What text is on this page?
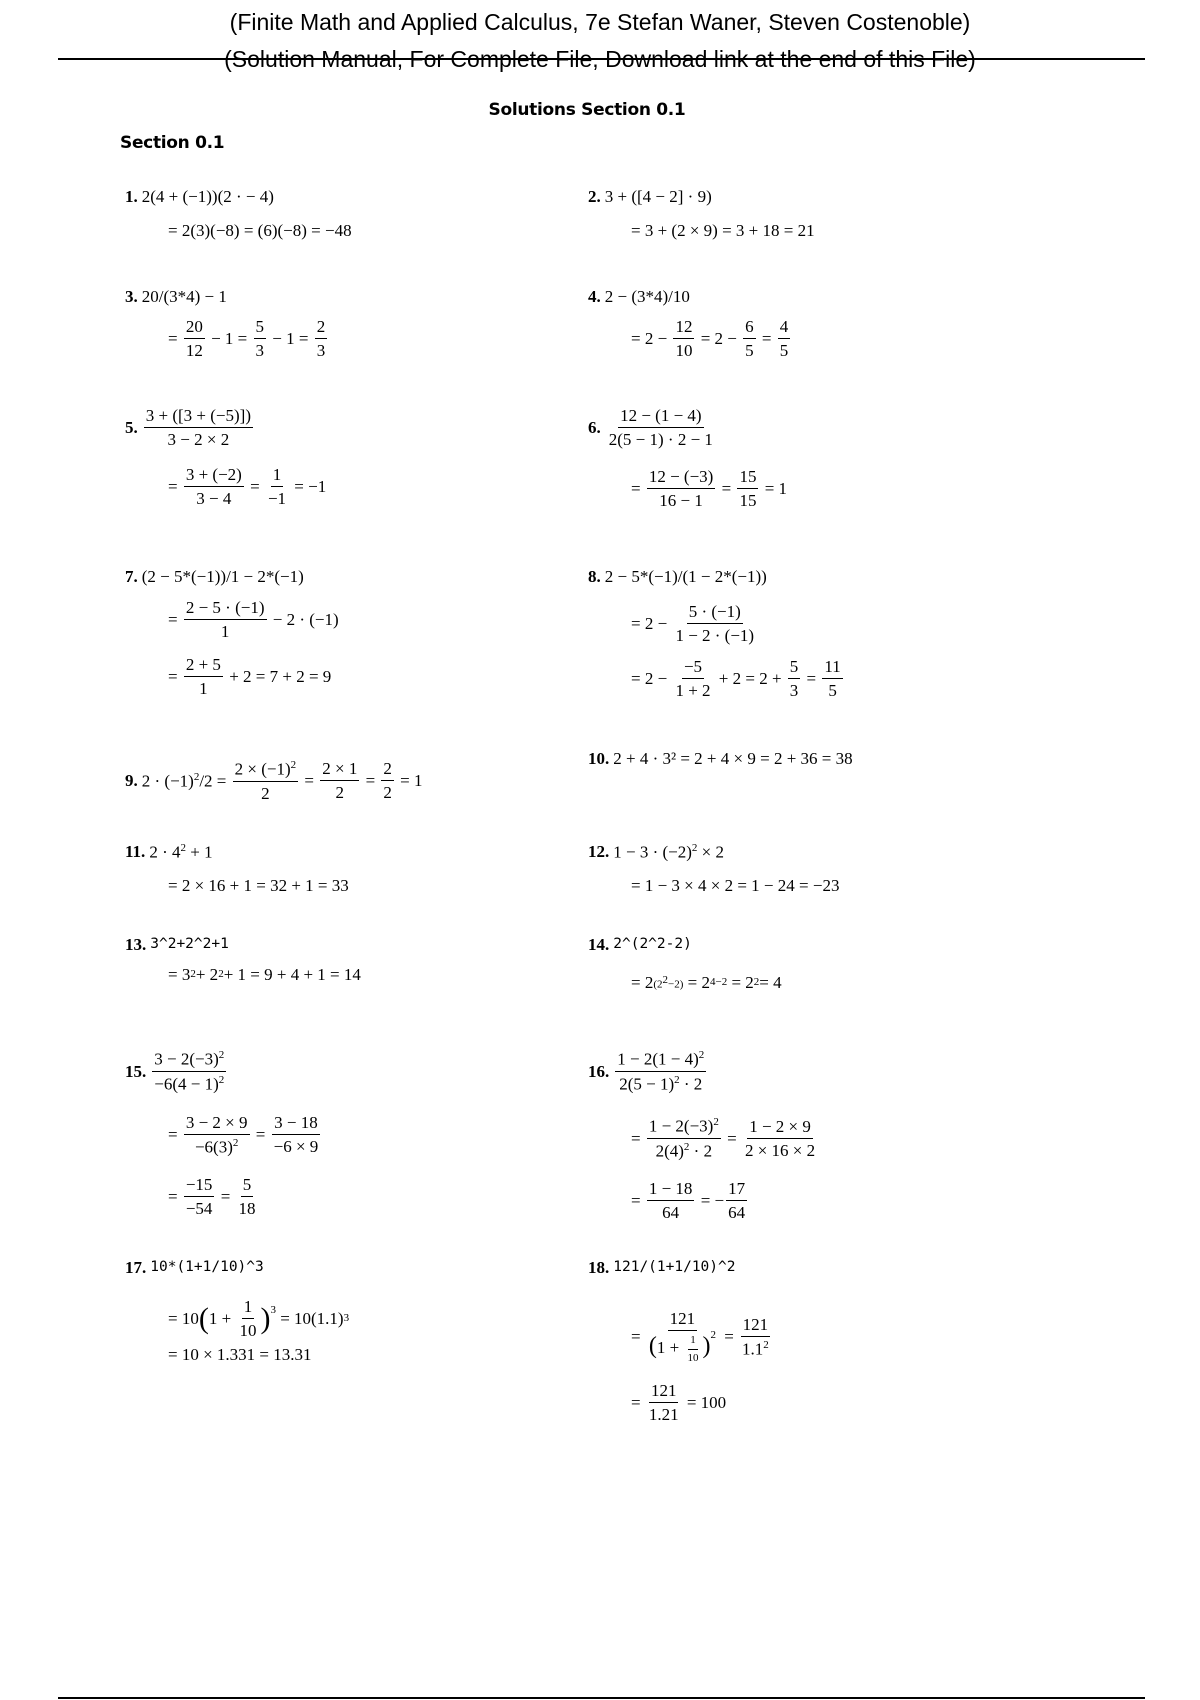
(Finite Math and Applied Calculus, 7e Stefan Waner, Steven Costenoble)
(Solution Manual, For Complete File, Download link at the end of this File)
Solutions Section 0.1
Section 0.1
1. 2(4 + (−1))(2 · − 4)
= 2(3)(−8) = (6)(−8) = −48
2. 3 + ([4 − 2] · 9)
= 3 + (2 × 9) = 3 + 18 = 21
3. 20/(3*4) − 1
= $\frac{20}{12} - 1 = \frac{5}{3} - 1 = \frac{2}{3}$
4. 2 − (3*4)/10
= $2 - \frac{12}{10} = 2 - \frac{6}{5} = \frac{4}{5}$
5. $\frac{3 + ([3 + (-5)])}{3 - 2 \times 2}$
= $\frac{3 + (-2)}{3 - 4} = \frac{1}{-1} = -1$
6. $\frac{12 - (1 - 4)}{2(5 - 1) \cdot 2 - 1}$
= $\frac{12 - (-3)}{16 - 1} = \frac{15}{15} = 1$
7. (2 − 5*(−1))/1 − 2*(−1)
= $\frac{2 - 5 \cdot (-1)}{1} - 2 \cdot (-1)$
= $\frac{2 + 5}{1} + 2 = 7 + 2 = 9$
8. 2 − 5*(−1)/(1 − 2*(−1))
= $2 - \frac{5 \cdot (-1)}{1 - 2 \cdot (-1)}$
= $2 - \frac{-5}{1 + 2} + 2 = 2 + \frac{5}{3} = \frac{11}{5}$
9. $2 \cdot (-1)^2/2 = \frac{2 \times (-1)^2}{2} = \frac{2 \times 1}{2} = \frac{2}{2} = 1$
10. 2 + 4 · 3² = 2 + 4 × 9 = 2 + 36 = 38
11. $2 \cdot 4^2 + 1$
= 2 × 16 + 1 = 32 + 1 = 33
12. $1 - 3 \cdot (-2)^2 \times 2$
= 1 − 3 × 4 × 2 = 1 − 24 = −23
13. 3^2+2^2+1
= 3 2 + 2 2 + 1 = 9 + 4 + 1 = 14
14. 2^(2^2-2)
= 2 $(2^2-2) = 2$ 4−2 = 2 2 = 4
15. $\frac{3 - 2(-3)^2}{-6(4 - 1)^2}$
= $\frac{3 - 2 \times 9}{-6(3)^2} = \frac{3 - 18}{-6 \times 9}$
= $\frac{-15}{-54} = \frac{5}{18}$
16. $\frac{1 - 2(1 - 4)^2}{2(5 - 1)^2 \cdot 2}$
= $\frac{1 - 2(-3)^2}{2(4)^2 \cdot 2} = \frac{1 - 2 \times 9}{2 \times 16 \times 2}$
= $\frac{1 - 18}{64}$ = − $\frac{17}{64}$
17. 10*(1+1/10)^3
= 10 ( $1 + \frac{1}{10} )^3 = 10(1.1)_3$
= 10 × 1.331 = 13.31
18. 121/(1+1/10)^2
= $\frac{121}{(1 + \frac{1}{10} )^2} = \frac{121}{1.1^2}$
= $\frac{121}{1.21} = 100$
